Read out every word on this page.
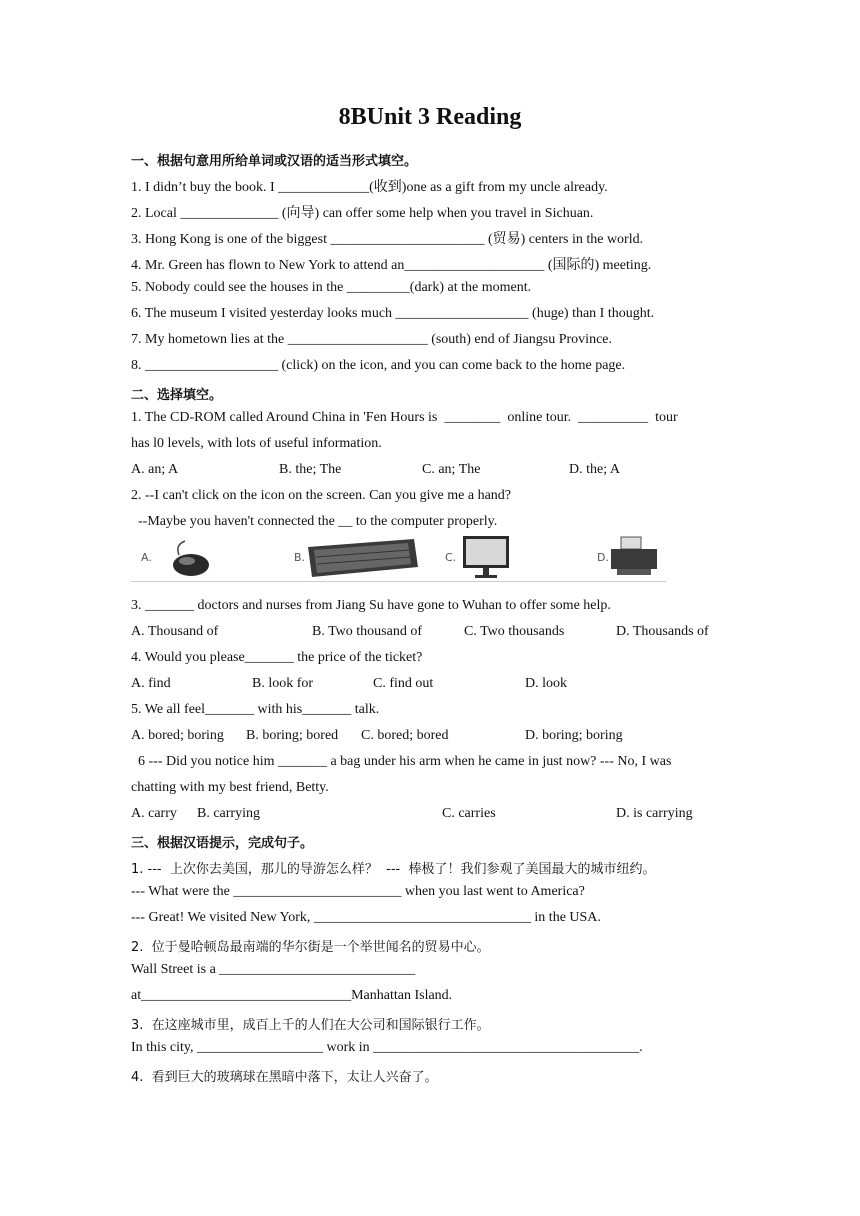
8BUnit 3 Reading
一、根据句意用所给单词或汉语的适当形式填空。
1. I didn’t buy the book. I _____________(收到)one as a gift from my uncle already.
2. Local ______________ (向导) can offer some help when you travel in Sichuan.
3. Hong Kong is one of the biggest ______________________ (贸易) centers in the world.
4. Mr. Green has flown to New York to attend an____________________ (国际的) meeting.
5. Nobody could see the houses in the _________(dark) at the moment.
6. The museum I visited yesterday looks much ___________________ (huge) than I thought.
7. My hometown lies at the ____________________ (south) end of Jiangsu Province.
8. ___________________ (click) on the icon, and you can come back to the home page.
二、选择填空。
1. The CD-ROM called Around China in 'Fen Hours is  ________  online tour.  __________  tour
has l0 levels, with lots of useful information.
A. an; A	B. the; The	C. an; The	D. the; A
2. --I can't click on the icon on the screen. Can you give me a hand?
--Maybe you haven't connected the __ to the computer properly.
A.	B.	C.	D.
3. _______ doctors and nurses from Jiang Su have gone to Wuhan to offer some help.
A. Thousand of	B. Two thousand of	C. Two thousands	D. Thousands of
4. Would you please_______ the price of the ticket?
A. find	B. look for	C. find out	D. look
5. We all feel_______ with his_______ talk.
A. bored; boring B. boring; bored C. bored; bored	D. boring; boring
6 --- Did you notice him _______ a bag under his arm when he came in just now? --- No, I was
chatting with my best friend, Betty.
A. carry B. carrying	C. carries	D. is carrying
三、根据汉语提示，完成句子。
1. ---  上次你去美国，那儿的导游怎么样？  ---  棒极了！我们参观了美国最大的城市纽约。
--- What were the ________________________ when you last went to America?
--- Great! We visited New York, _______________________________ in the USA.
2.  位于曼哈顿岛最南端的华尔街是一个举世闻名的贸易中心。
Wall Street is a ____________________________
at______________________________Manhattan Island.
3.  在这座城市里，成百上千的人们在大公司和国际银行工作。
In this city, __________________ work in ______________________________________.
4.  看到巨大的玻璃球在黑暗中落下，太让人兴奋了。
